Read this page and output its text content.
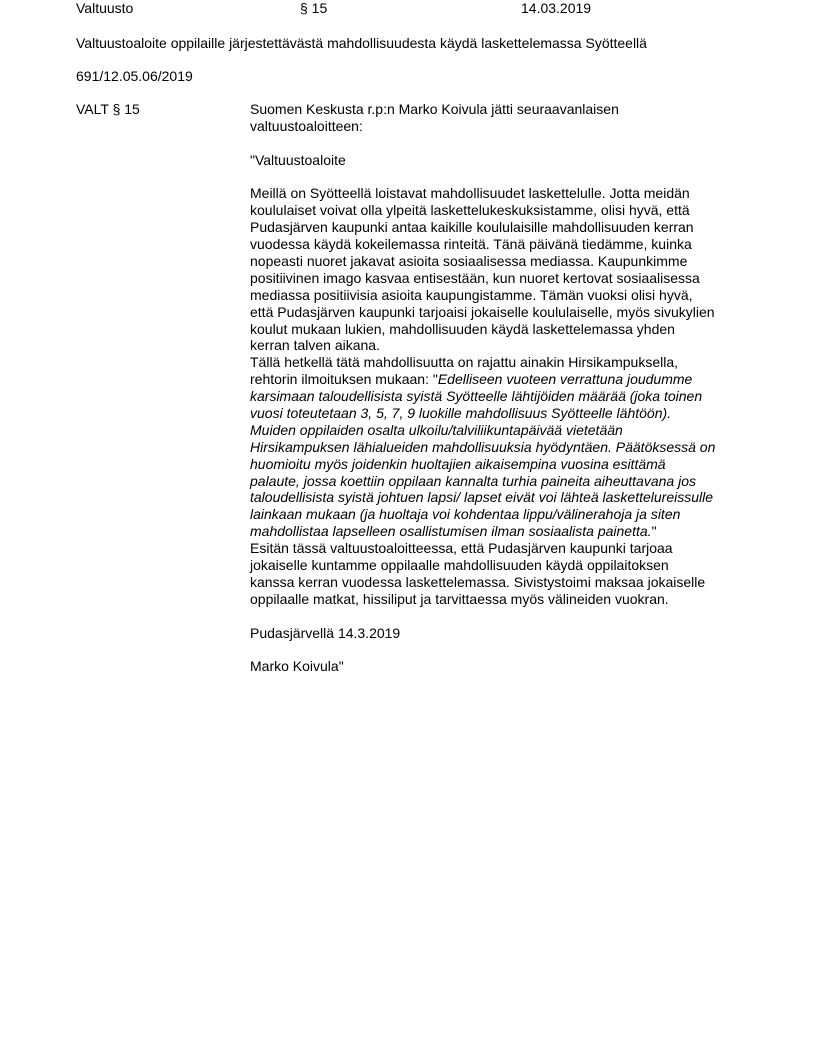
Valtuusto	§ 15	14.03.2019
Valtuustoaloite oppilaille järjestettävästä mahdollisuudesta käydä laskettelemassa Syötteellä
691/12.05.06/2019
VALT § 15	Suomen Keskusta r.p:n Marko Koivula jätti seuraavanlaisen
valtuustoaloitteen:
"Valtuustoaloite
Meillä on Syötteellä loistavat mahdollisuudet laskettelulle. Jotta meidän
koululaiset voivat olla ylpeitä laskettelukeskuksistamme, olisi hyvä, että
Pudasjärven kaupunki antaa kaikille koululaisille mahdollisuuden kerran
vuodessa käydä kokeilemassa rinteitä. Tänä päivänä tiedämme, kuinka
nopeasti nuoret jakavat asioita sosiaalisessa mediassa. Kaupunkimme
positiivinen imago kasvaa entisestään, kun nuoret kertovat sosiaalisessa
mediassa positiivisia asioita kaupungistamme. Tämän vuoksi olisi hyvä,
että Pudasjärven kaupunki tarjoaisi jokaiselle koululaiselle, myös sivukylien
koulut mukaan lukien, mahdollisuuden käydä laskettelemassa yhden
kerran talven aikana.
Tällä hetkellä tätä mahdollisuutta on rajattu ainakin Hirsikampuksella,
rehtorin ilmoituksen mukaan: "Edelliseen vuoteen verrattuna joudumme
karsimaan taloudellisista syistä Syötteelle lähtijöiden määrää (joka toinen
vuosi toteutetaan 3, 5, 7, 9 luokille mahdollisuus Syötteelle lähtöön).
Muiden oppilaiden osalta ulkoilu/talviliikuntapäivää vietetään
Hirsikampuksen lähialueiden mahdollisuuksia hyödyntäen. Päätöksessä on
huomioitu myös joidenkin huoltajien aikaisempina vuosina esittämä
palaute, jossa koettiin oppilaan kannalta turhia paineita aiheuttavana jos
taloudellisista syistä johtuen lapsi/ lapset eivät voi lähteä laskettelureissulle
lainkaan mukaan (ja huoltaja voi kohdentaa lippu/välinerahoja ja siten
mahdollistaa lapselleen osallistumisen ilman sosiaalista painetta."
Esitän tässä valtuustoaloitteessa, että Pudasjärven kaupunki tarjoaa
jokaiselle kuntamme oppilaalle mahdollisuuden käydä oppilaitoksen
kanssa kerran vuodessa laskettelemassa. Sivistystoimi maksaa jokaiselle
oppilaalle matkat, hissiliput ja tarvittaessa myös välineiden vuokran.
Pudasjärvellä 14.3.2019
Marko Koivula"
